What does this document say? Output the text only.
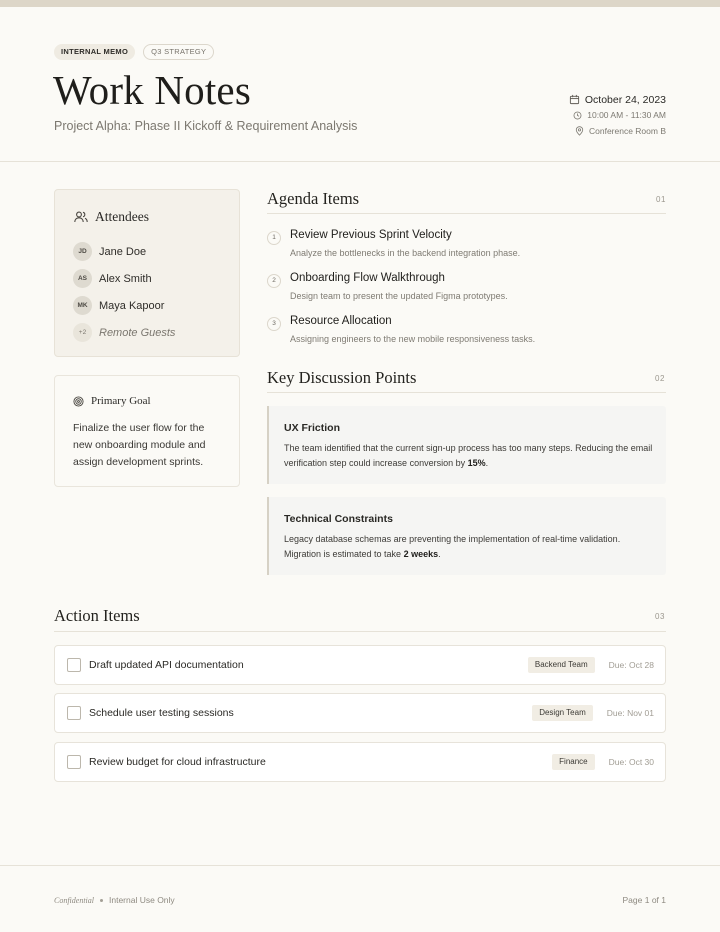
INTERNAL MEMO	Q3 STRATEGY
Work Notes
Project Alpha: Phase II Kickoff & Requirement Analysis
October 24, 2023
10:00 AM - 11:30 AM
Conference Room B
Attendees
JD	Jane Doe
AS	Alex Smith
MK	Maya Kapoor
+2	Remote Guests
Primary Goal
Finalize the user flow for the new onboarding module and assign development sprints.
Agenda Items	01
1	Review Previous Sprint Velocity
Analyze the bottlenecks in the backend integration phase.
2	Onboarding Flow Walkthrough
Design team to present the updated Figma prototypes.
3	Resource Allocation
Assigning engineers to the new mobile responsiveness tasks.
Key Discussion Points	02
UX Friction
The team identified that the current sign-up process has too many steps. Reducing the email verification step could increase conversion by 15%.
Technical Constraints
Legacy database schemas are preventing the implementation of real-time validation. Migration is estimated to take 2 weeks.
Action Items	03
Draft updated API documentation	Backend Team	Due: Oct 28
Schedule user testing sessions	Design Team	Due: Nov 01
Review budget for cloud infrastructure	Finance	Due: Oct 30
Confidential Internal Use Only	Page 1 of 1
